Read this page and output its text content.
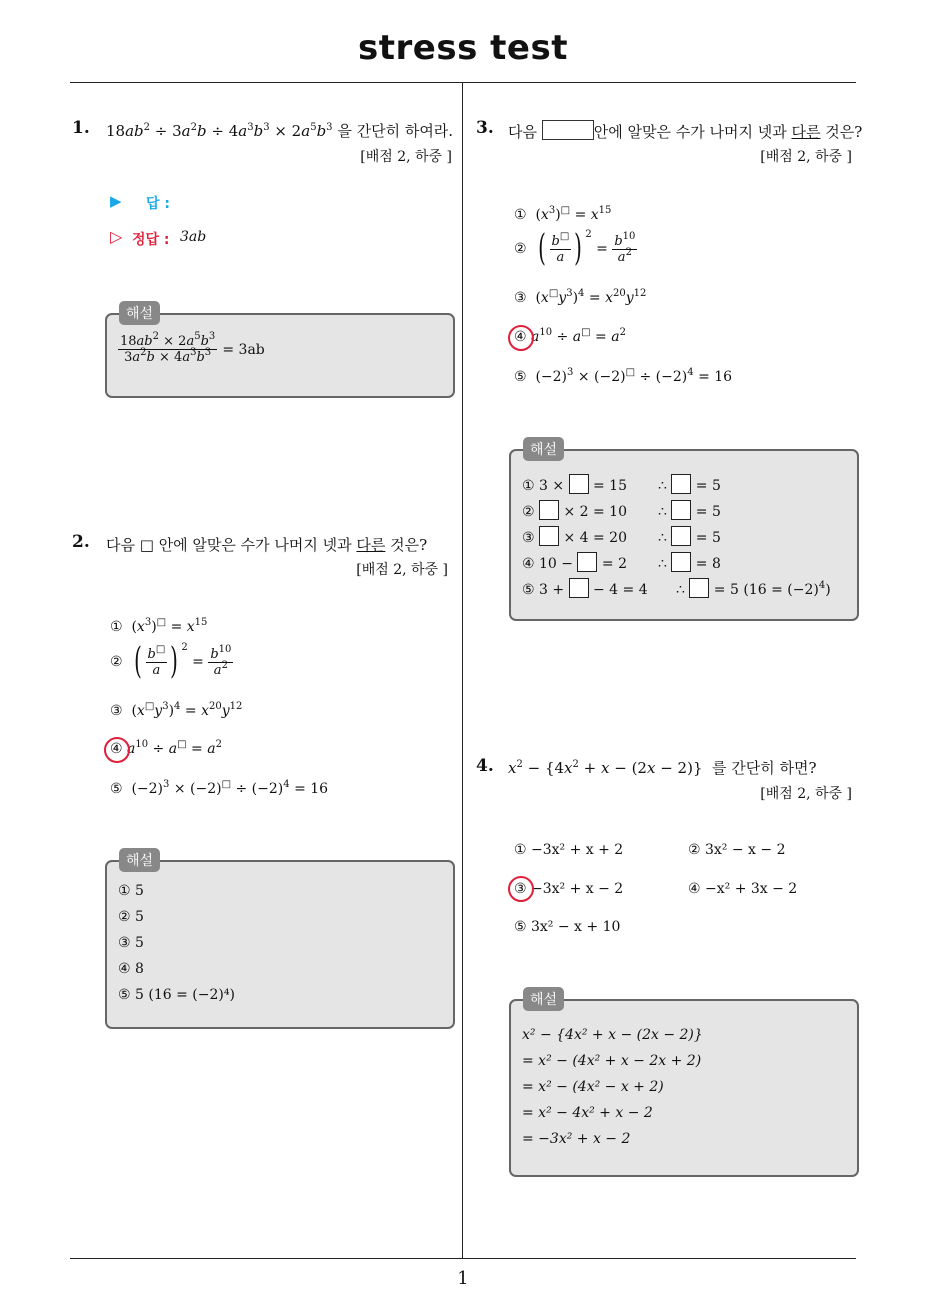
stress test
1
1. $18ab^2 \div 3a^2b \div 4a^3b^3 \times 2a^5b^3$ 을 간단히 하여라.
[배점 2, 하중 ]
▶ 답 :
▷ 정답 : 3ab
해설
$\frac{18ab^2 \times 2a^5b^3}{3a^2b \times 4a^3b^3} = 3ab$
2. 다음 □ 안에 알맞은 수가 나머지 넷과 다른 것은?
[배점 2, 하중 ]
①  $(x^3)^□ = x^{15}$
②  ( $\frac{b^□}{a}$ ) $^2 = \frac{b^{10}}{a^2}$
③  $(x^□y^3)^4 = x^{20}y^{12}$
④ $a^{10} \div a^□ = a^2$
⑤  $(-2)^3 \times (-2)^□ \div (-2)^4 = 16$
해설
① 5
② 5
③ 5
④ 8
⑤ 5 (16 = (−2)⁴)
3. 다음	안에 알맞은 수가 나머지 넷과 다른 것은?
[배점 2, 하중 ]
①  $(x^3)^□ = x^{15}$
②  ( $\frac{b^□}{a}$ ) $^2 = \frac{b^{10}}{a^2}$
③  $(x^□y^3)^4 = x^{20}y^{12}$
④ $a^{10} \div a^□ = a^2$
⑤  $(-2)^3 \times (-2)^□ \div (-2)^4 = 16$
해설
① 3 ×  = 15 ∴  = 5
②  × 2 = 10 ∴  = 5
③  × 4 = 20 ∴  = 5
④ 10 −  = 2 ∴  = 8
⑤ 3 +  − 4 = 4 ∴  = 5 $(16 = (-2)^4)$
4. $x^2 - \{4x^2 + x - (2x - 2)\}$  를 간단히 하면?
[배점 2, 하중 ]
① −3x² + x + 2	② 3x² − x − 2
③ −3x² + x − 2	④ −x² + 3x − 2
⑤ 3x² − x + 10
해설
x² − {4x² + x − (2x − 2)}
= x² − (4x² + x − 2x + 2)
= x² − (4x² − x + 2)
= x² − 4x² + x − 2
= −3x² + x − 2
